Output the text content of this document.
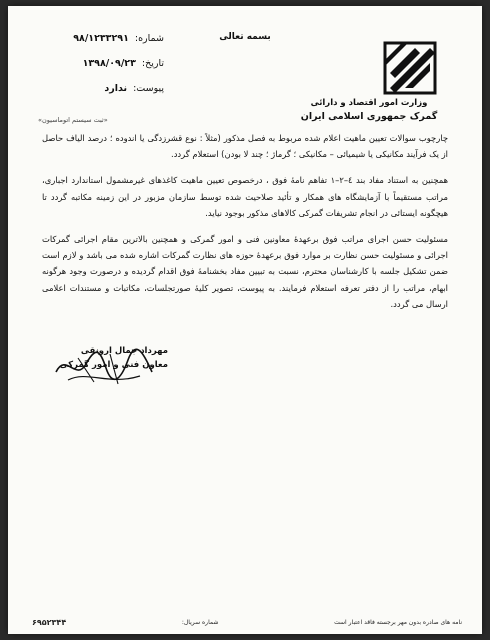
بسمه تعالی
وزارت امور اقتصاد و دارائی
گمرک جمهوری اسلامی ایران
شماره:
۹۸/۱۲۳۳۲۹۱
تاریخ:
۱۳۹۸/۰۹/۲۳
پیوست:
ندارد
«ثبت سیستم اتوماسیون»

چارچوب سوالات تعیین ماهیت اعلام شده مربوط به فصل مذکور (مثلاً : نوع قشرزدگی یا اندوده ؛ درصد الیاف حاصل از یک فرآیند مکانیکی یا شیمیائی – مکانیکی ؛ گرماژ ؛ چند لا بودن) استعلام گردد.

همچنین به استناد مفاد بند ٤–٢–١ تفاهم نامهٔ فوق ، درخصوص تعیین ماهیت کاغذهای غیرمشمول استاندارد اجباری، مراتب مستقیماً با آزمایشگاه های همکار و تأئید صلاحیت شده توسط سازمان مزبور در این زمینه مکاتبه گردد تا هیچگونه ایستائی در انجام تشریفات گمرکی کالاهای مذکور بوجود نیاید.

مسئولیت حسن اجرای مراتب فوق برعهدهٔ معاونین فنی و امور گمرکی و همچنین بالاترین مقام اجرائی گمرکات اجرائی و مسئولیت حسن نظارت بر موارد فوق برعهدهٔ حوزه های نظارت گمرکات اشاره شده می باشد و لازم است ضمن تشکیل جلسه با کارشناسان محترم، نسبت به تبیین مفاد بخشنامهٔ فوق اقدام گردیده و درصورت وجود هرگونه ابهام، مراتب را از دفتر تعرفه استعلام فرمایند. به پیوست، تصویر کلیهٔ صورتجلسات، مکاتبات و مستندات اعلامی ارسال می گردد.

مهرداد جمال ارونقی
معاون فنی و امور گمرکی
نامه های صادره بدون مهر برجسته فاقد اعتبار است
شماره سریال:
۶۹۵۲۳۴۴
